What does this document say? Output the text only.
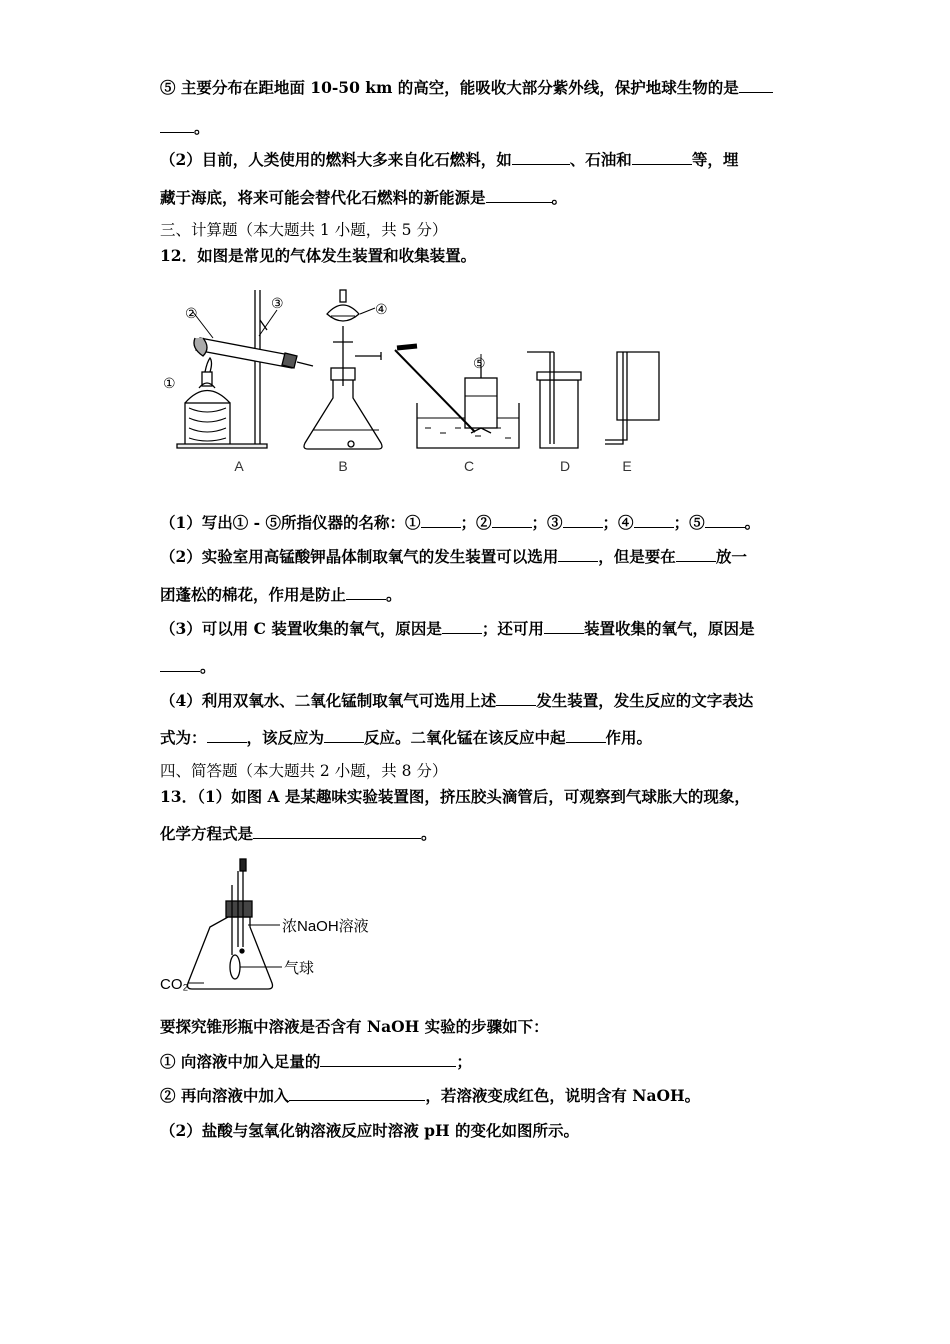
⑤ 主要分布在距地面 10-50 km 的高空，能吸收大部分紫外线，保护地球生物的是
。
（2）目前，人类使用的燃料大多来自化石燃料，如	、石油和	等，埋
藏于海底，将来可能会替代化石燃料的新能源是	。
三、计算题（本大题共 1 小题，共 5 分）
12．如图是常见的气体发生装置和收集装置。
①
②
③	④
⑤
A	B	C	D	E
（1）写出① - ⑤所指仪器的名称：①	；②	；③	；④	；⑤	。
（2）实验室用高锰酸钾晶体制取氧气的发生装置可以选用	，但是要在	放一
团蓬松的棉花，作用是防止	。
（3）可以用 C 装置收集的氧气，原因是	；还可用	装置收集的氧气，原因是
。
（4）利用双氧水、二氧化锰制取氧气可选用上述	发生装置，发生反应的文字表达
式为：	，该反应为	反应。二氧化锰在该反应中起	作用。
四、简答题（本大题共 2 小题，共 8 分）
13．（1）如图 A 是某趣味实验装置图，挤压胶头滴管后，可观察到气球胀大的现象，
化学方程式是	。
浓NaOH溶液
气球
CO₂
要探究锥形瓶中溶液是否含有 NaOH 实验的步骤如下：
① 向溶液中加入足量的	；
② 再向溶液中加入	，若溶液变成红色，说明含有 NaOH。
（2）盐酸与氢氧化钠溶液反应时溶液 pH 的变化如图所示。
